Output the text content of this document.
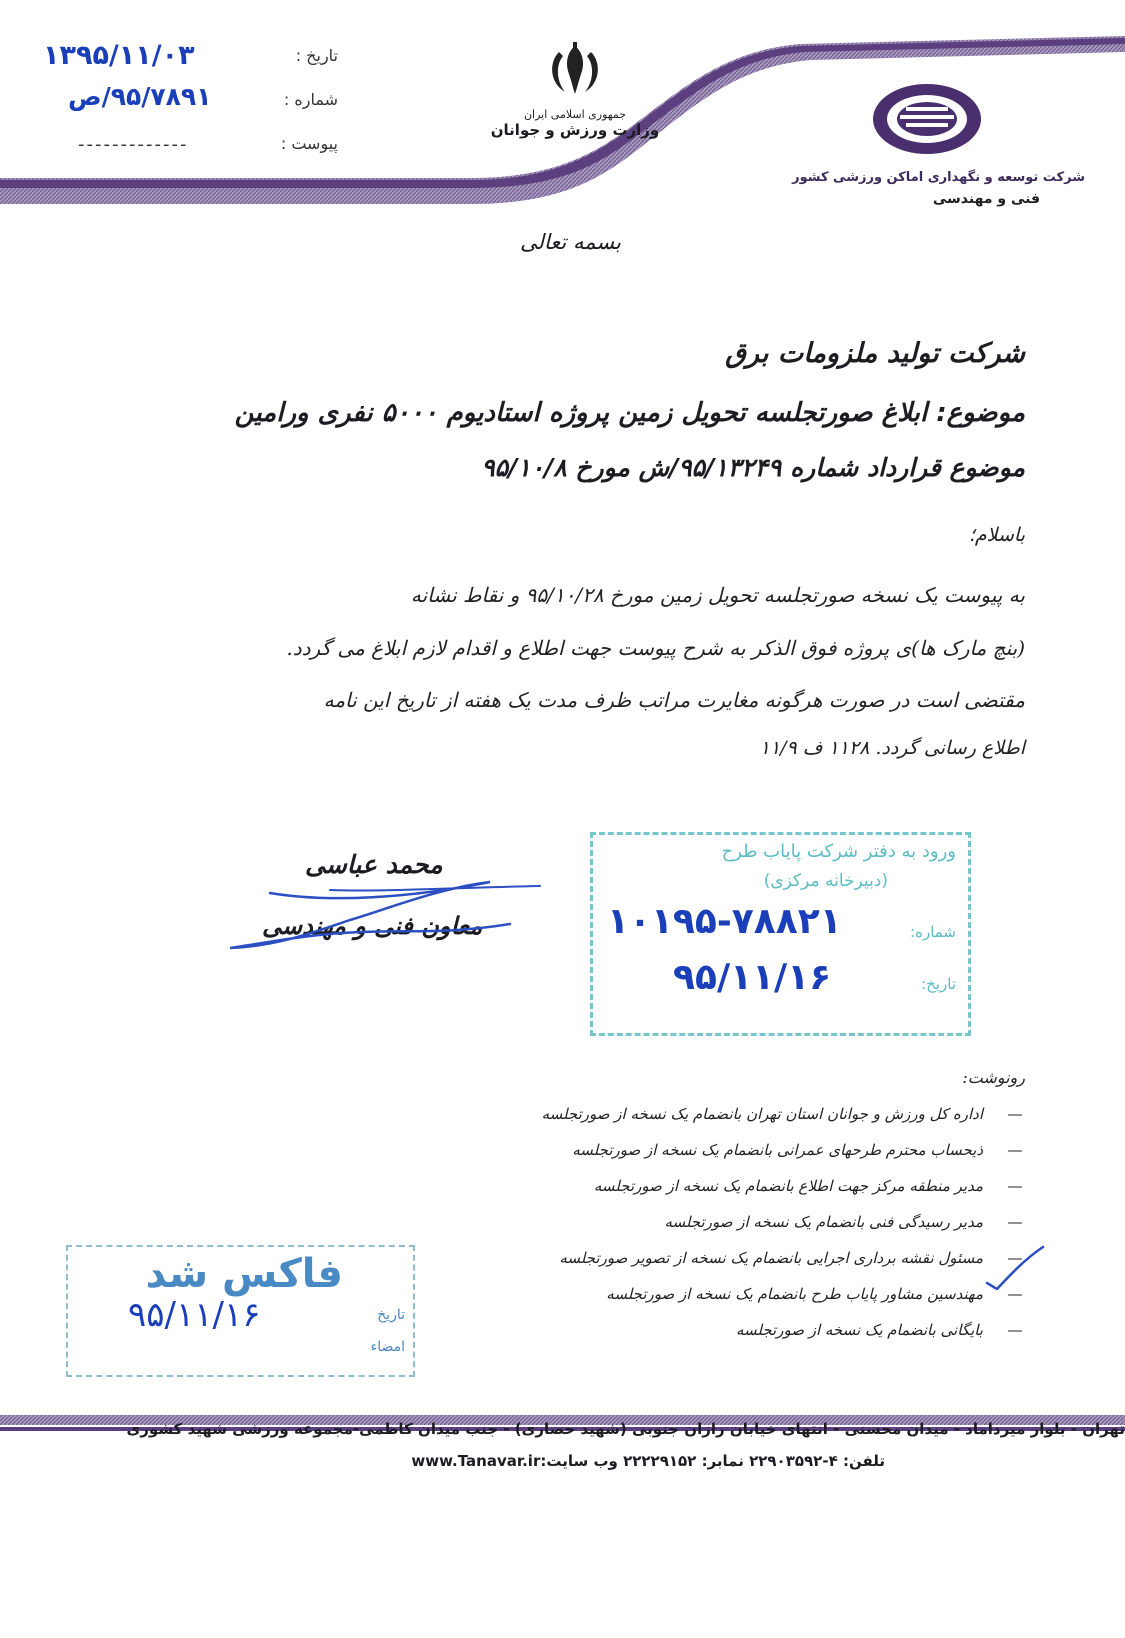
تاریخ :
۱۳۹۵/۱۱/۰۳
شماره :
۹۵/۷۸۹۱/ص
پیوست :
-------------
جمهوری اسلامی ایران
وزارت ورزش و جوانان
شرکت توسعه و نگهداری اماکن ورزشی کشور
فنی و مهندسی
بسمه تعالی
شرکت تولید ملزومات برق
موضوع: ابلاغ صورتجلسه تحویل زمین پروژه استادیوم ۵۰۰۰ نفری ورامین
موضوع قرارداد شماره ۹۵/۱۳۲۴۹/ش مورخ ۹۵/۱۰/۸
باسلام؛
به پیوست یک نسخه صورتجلسه تحویل زمین مورخ ۹۵/۱۰/۲۸ و نقاط نشانه
(بنچ مارک ها)ی پروژه فوق الذکر به شرح پیوست جهت اطلاع و اقدام لازم ابلاغ می گردد.
مقتضی است در صورت هرگونه مغایرت مراتب ظرف مدت یک هفته از تاریخ این نامه
اطلاع رسانی گردد. ۱۱۲۸ ف ۱۱/۹
محمد عباسی
معاون فنی و مهندسی
ورود به دفتر شرکت پایاب طرح
(دبیرخانه مرکزی)
شماره:
۱۰۱۹۵-۷۸۸۲۱
تاریخ:
۹۵/۱۱/۱۶
رونوشت:
—اداره کل ورزش و جوانان استان تهران بانضمام یک نسخه از صورتجلسه
—ذیحساب محترم طرحهای عمرانی بانضمام یک نسخه از صورتجلسه
—مدیر منطقه مرکز جهت اطلاع بانضمام یک نسخه از صورتجلسه
—مدیر رسیدگی فنی بانضمام یک نسخه از صورتجلسه
—مسئول نقشه برداری اجرایی بانضمام یک نسخه از تصویر صورتجلسه
—مهندسین مشاور پایاب طرح بانضمام یک نسخه از صورتجلسه
—بایگانی بانضمام یک نسخه از صورتجلسه
فاکس شد
تاریخ
۹۵/۱۱/۱۶
امضاء
تهران - بلوار میرداماد - میدان محسنی - انتهای خیابان رازان جنوبی (شهید حصاری) - جنب میدان کاظمی-مجموعه ورزشی شهید کشوری
تلفن: ۴-۲۲۹۰۳۵۹۲ نمابر: ۲۲۲۲۹۱۵۲ وب سایت:www.Tanavar.ir
